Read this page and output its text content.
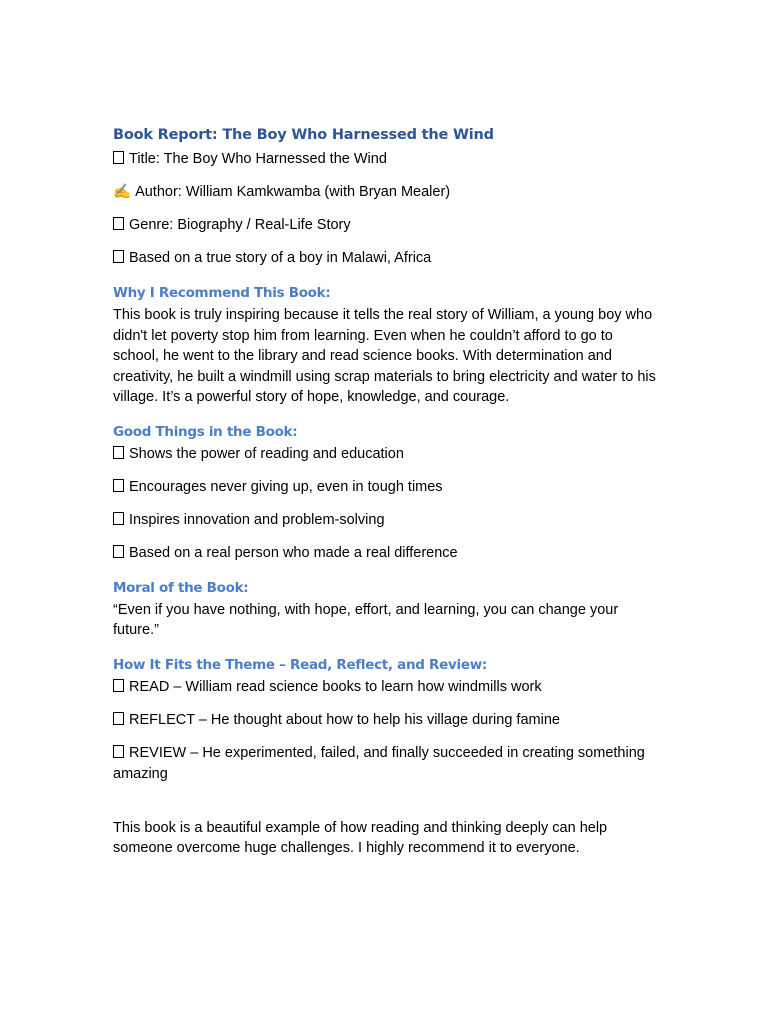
Book Report: The Boy Who Harnessed the Wind
Title: The Boy Who Harnessed the Wind
✍ Author: William Kamkwamba (with Bryan Mealer)
Genre: Biography / Real-Life Story
Based on a true story of a boy in Malawi, Africa
Why I Recommend This Book:

This book is truly inspiring because it tells the real story of William, a young boy who didn't let poverty stop him from learning. Even when he couldn’t afford to go to school, he went to the library and read science books. With determination and creativity, he built a windmill using scrap materials to bring electricity and water to his village. It’s a powerful story of hope, knowledge, and courage.

Good Things in the Book:
Shows the power of reading and education
Encourages never giving up, even in tough times
Inspires innovation and problem-solving
Based on a real person who made a real difference
Moral of the Book:

“Even if you have nothing, with hope, effort, and learning, you can change your future.”

How It Fits the Theme – Read, Reflect, and Review:
READ – William read science books to learn how windmills work
REFLECT – He thought about how to help his village during famine
REVIEW – He experimented, failed, and finally succeeded in creating something amazing

This book is a beautiful example of how reading and thinking deeply can help someone overcome huge challenges. I highly recommend it to everyone.
